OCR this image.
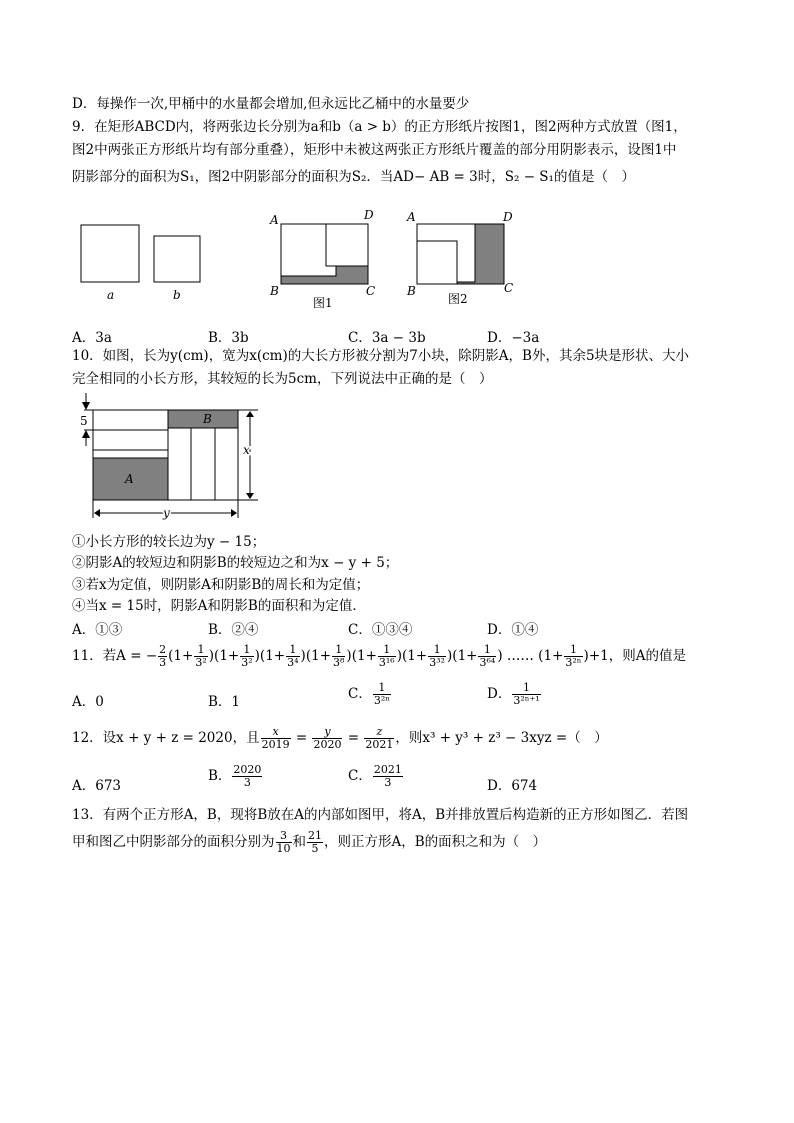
D．每操作一次,甲桶中的水量都会增加,但永远比乙桶中的水量要少
9．在矩形ABCD内，将两张边长分别为a和b（a > b）的正方形纸片按图1，图2两种方式放置（图1，
图2中两张正方形纸片均有部分重叠），矩形中未被这两张正方形纸片覆盖的部分用阴影表示，设图1中
阴影部分的面积为S₁，图2中阴影部分的面积为S₂．当AD− AB = 3时，S₂ − S₁的值是（　）
a	b
A	D
B	C
图1
A	D
B	C
图2
A．3a	B．3b	C．3a − 3b	D．−3a
10．如图，长为y(cm)，宽为x(cm)的大长方形被分割为7小块，除阴影A，B外，其余5块是形状、大小
完全相同的小长方形，其较短的长为5cm，下列说法中正确的是（　）
5
A
B
x
y
①小长方形的较长边为y − 15；
②阴影A的较短边和阴影B的较短边之和为x − y + 5；
③若x为定值，则阴影A和阴影B的周长和为定值；
④当x = 15时，阴影A和阴影B的面积和为定值．
A．①③	B．②④	C．①③④	D．①④
11．若A = − $\frac{2}{3} (1+ \frac{1}{\text{3²}} )(1+ \frac{1}{\text{3²}} )(1+ \frac{1}{\text{3⁴}} )(1+ \frac{1}{\text{3⁸}} )(1+ \frac{1}{\text{3¹⁶}} )(1+ \frac{1}{\text{3³²}} )(1+ \frac{1}{\text{3⁶⁴}}$ ) …… $(1+ \frac{1}{\text{3²ⁿ}} )+1$，则A的值是
A．0	B．1	C． $\frac{1}{\text{3²ⁿ}}$	D． $\frac{1}{\text{3²ⁿ⁺¹}}$
12．设x + y + z = 2020，且 $\frac{x}{2019} = \frac{y}{2020} = \frac{z}{2021}$ ，则x³ + y³ + z³ − 3xyz =（　）
A．673
B． $\frac{2020}{3}$	C． $\frac{2021}{3}$	D．674
13．有两个正方形A，B，现将B放在A的内部如图甲，将A，B并排放置后构造新的正方形如图乙．若图
甲和图乙中阴影部分的面积分别为 $\frac{3}{10}$ 和 $\frac{21}{5}$ ，则正方形A，B的面积之和为（　）
